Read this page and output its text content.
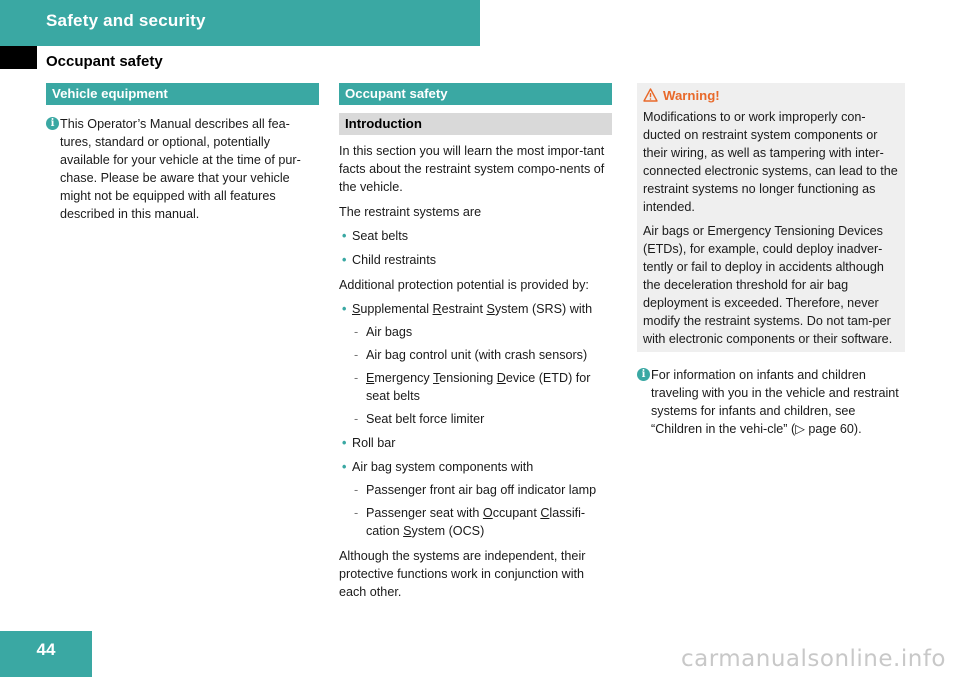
Safety and security
Occupant safety
Vehicle equipment
i This Operator’s Manual describes all fea-tures, standard or optional, potentially available for your vehicle at the time of pur-chase. Please be aware that your vehicle might not be equipped with all features described in this manual.

Occupant safety
Introduction

In this section you will learn the most impor-tant facts about the restraint system compo-nents of the vehicle.

The restraint systems are

• Seat belts
• Child restraints

Additional protection potential is provided by:

• Supplemental Restraint System (SRS) with
- Air bags
- Air bag control unit (with crash sensors)
- Emergency Tensioning Device (ETD) for seat belts
- Seat belt force limiter
• Roll bar
• Air bag system components with
- Passenger front air bag off indicator lamp
- Passenger seat with Occupant Classifi-cation System (OCS)

Although the systems are independent, their protective functions work in conjunction with each other.

Warning!

Modifications to or work improperly con-ducted on restraint system components or their wiring, as well as tampering with inter-connected electronic systems, can lead to the restraint systems no longer functioning as intended.

Air bags or Emergency Tensioning Devices (ETDs), for example, could deploy inadver-tently or fail to deploy in accidents although the deceleration threshold for air bag deployment is exceeded. Therefore, never modify the restraint systems. Do not tam-per with electronic components or their software.

i For information on infants and children traveling with you in the vehicle and restraint systems for infants and children, see “Children in the vehi-cle” (▷ page 60).

44	carmanualsonline.info
